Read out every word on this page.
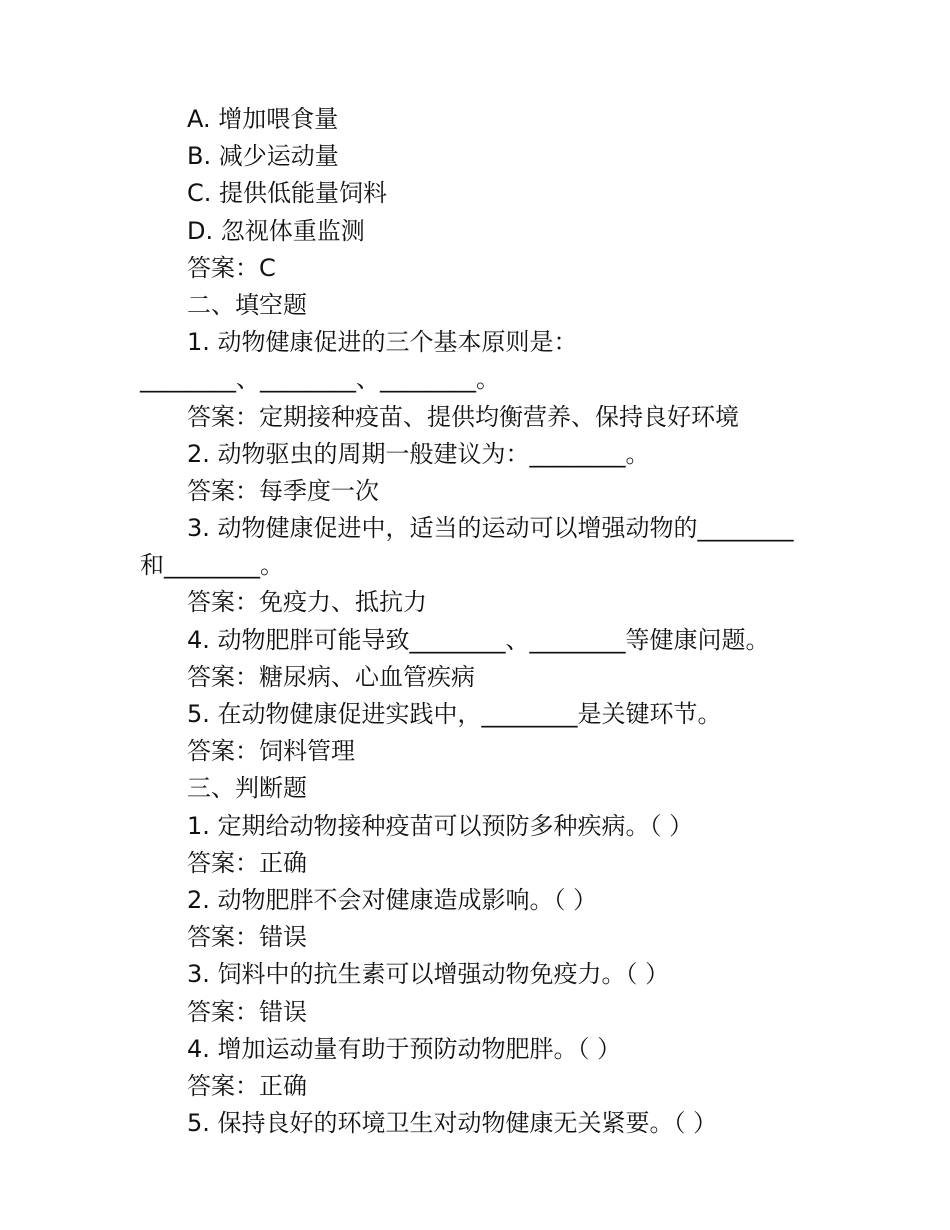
A. 增加喂食量
B. 减少运动量
C. 提供低能量饲料
D. 忽视体重监测
答案：C
二、填空题
1. 动物健康促进的三个基本原则是：
________、________、________。
答案：定期接种疫苗、提供均衡营养、保持良好环境
2. 动物驱虫的周期一般建议为：________。
答案：每季度一次
3. 动物健康促进中，适当的运动可以增强动物的________
和________。
答案：免疫力、抵抗力
4. 动物肥胖可能导致________、________等健康问题。
答案：糖尿病、心血管疾病
5. 在动物健康促进实践中，________是关键环节。
答案：饲料管理
三、判断题
1. 定期给动物接种疫苗可以预防多种疾病。（ ）
答案：正确
2. 动物肥胖不会对健康造成影响。（ ）
答案：错误
3. 饲料中的抗生素可以增强动物免疫力。（ ）
答案：错误
4. 增加运动量有助于预防动物肥胖。（ ）
答案：正确
5. 保持良好的环境卫生对动物健康无关紧要。（ ）
